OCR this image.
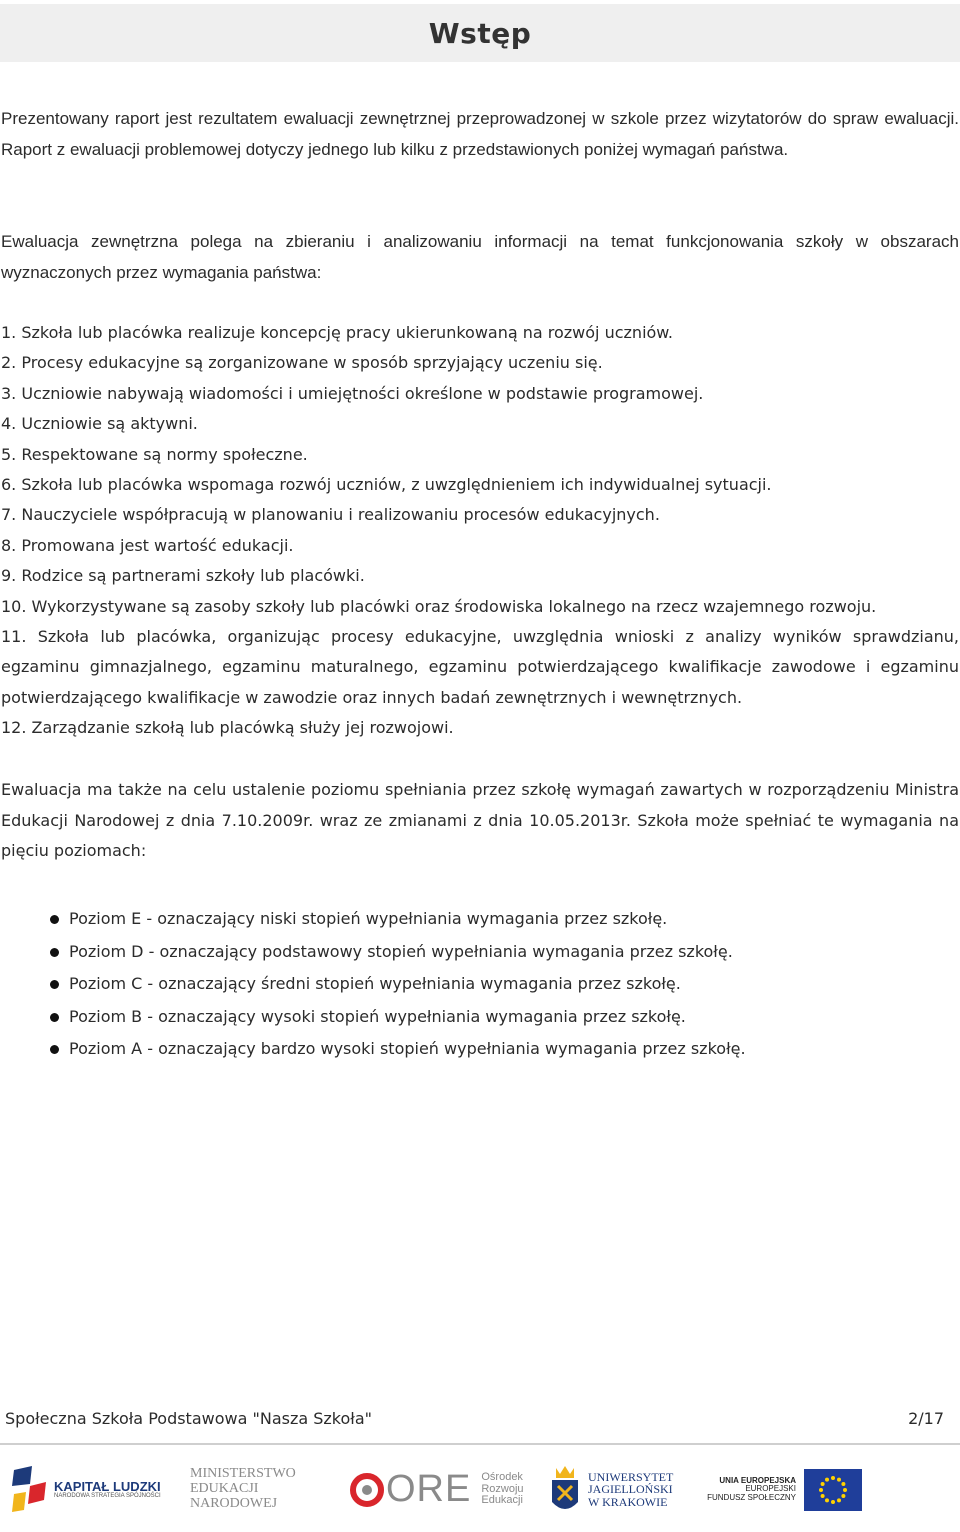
Wstęp

Prezentowany raport jest rezultatem ewaluacji zewnętrznej przeprowadzonej w szkole przez wizytatorów do spraw ewaluacji. Raport z ewaluacji problemowej dotyczy jednego lub kilku z przedstawionych poniżej wymagań państwa.

Ewaluacja zewnętrzna polega na zbieraniu i analizowaniu informacji na temat funkcjonowania szkoły w obszarach wyznaczonych przez wymagania państwa:

1. Szkoła lub placówka realizuje koncepcję pracy ukierunkowaną na rozwój uczniów.
2. Procesy edukacyjne są zorganizowane w sposób sprzyjający uczeniu się.
3. Uczniowie nabywają wiadomości i umiejętności określone w podstawie programowej.
4. Uczniowie są aktywni.
5. Respektowane są normy społeczne.
6. Szkoła lub placówka wspomaga rozwój uczniów, z uwzględnieniem ich indywidualnej sytuacji.
7. Nauczyciele współpracują w planowaniu i realizowaniu procesów edukacyjnych.
8. Promowana jest wartość edukacji.
9. Rodzice są partnerami szkoły lub placówki.
10. Wykorzystywane są zasoby szkoły lub placówki oraz środowiska lokalnego na rzecz wzajemnego rozwoju.
11. Szkoła lub placówka, organizując procesy edukacyjne, uwzględnia wnioski z analizy wyników sprawdzianu, egzaminu gimnazjalnego, egzaminu maturalnego, egzaminu potwierdzającego kwalifikacje zawodowe i egzaminu potwierdzającego kwalifikacje w zawodzie oraz innych badań zewnętrznych i wewnętrznych.
12. Zarządzanie szkołą lub placówką służy jej rozwojowi.

Ewaluacja ma także na celu ustalenie poziomu spełniania przez szkołę wymagań zawartych w rozporządzeniu Ministra Edukacji Narodowej z dnia 7.10.2009r. wraz ze zmianami z dnia 10.05.2013r. Szkoła może spełniać te wymagania na pięciu poziomach:

Poziom E - oznaczający niski stopień wypełniania wymagania przez szkołę.
Poziom D - oznaczający podstawowy stopień wypełniania wymagania przez szkołę.
Poziom C - oznaczający średni stopień wypełniania wymagania przez szkołę.
Poziom B - oznaczający wysoki stopień wypełniania wymagania przez szkołę.
Poziom A - oznaczający bardzo wysoki stopień wypełniania wymagania przez szkołę.
Społeczna Szkoła Podstawowa "Nasza Szkoła"	2/17
KAPITAŁ LUDZKI
NARODOWA STRATEGIA SPÓJNOŚCI
MINISTERSTWO
EDUKACJI
NARODOWEJ	ORE Ośrodek
Rozwoju
Edukacji
UNIWERSYTET
JAGIELLOŃSKI
W KRAKOWIE
UNIA EUROPEJSKA
EUROPEJSKI
FUNDUSZ SPOŁECZNY
